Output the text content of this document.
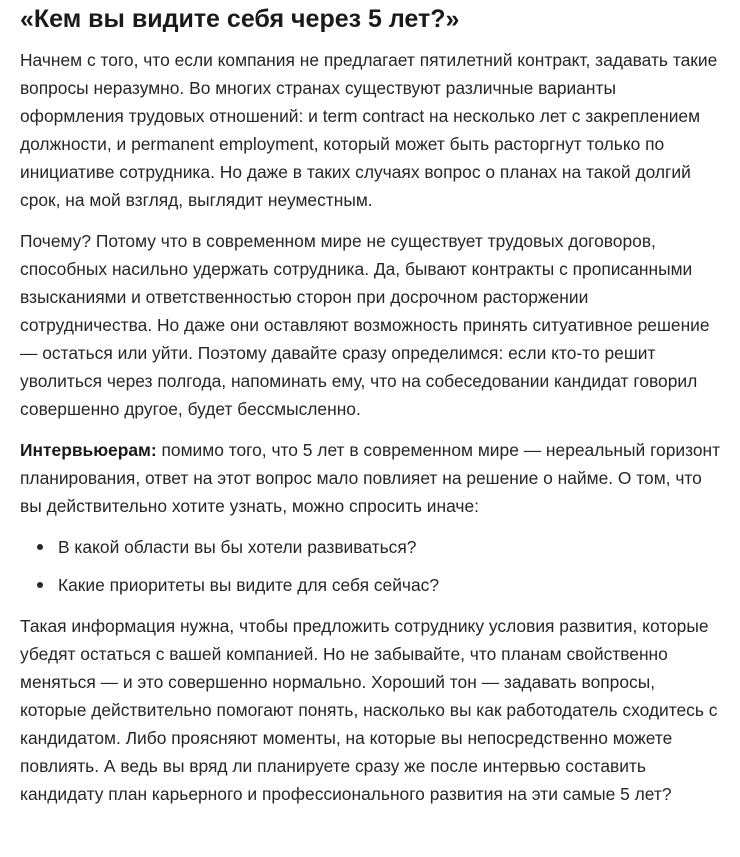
«Кем вы видите себя через 5 лет?»

Начнем с того, что если компания не предлагает пятилетний контракт, задавать такие вопросы неразумно. Во многих странах существуют различные варианты оформления трудовых отношений: и term contract на несколько лет с закреплением должности, и permanent employment, который может быть расторгнут только по инициативе сотрудника. Но даже в таких случаях вопрос о планах на такой долгий срок, на мой взгляд, выглядит неуместным.

Почему? Потому что в современном мире не существует трудовых договоров, способных насильно удержать сотрудника. Да, бывают контракты с прописанными взысканиями и ответственностью сторон при досрочном расторжении сотрудничества. Но даже они оставляют возможность принять ситуативное решение — остаться или уйти. Поэтому давайте сразу определимся: если кто-то решит уволиться через полгода, напоминать ему, что на собеседовании кандидат говорил совершенно другое, будет бессмысленно.

Интервьюерам: помимо того, что 5 лет в современном мире — нереальный горизонт планирования, ответ на этот вопрос мало повлияет на решение о найме. О том, что вы действительно хотите узнать, можно спросить иначе:

В какой области вы бы хотели развиваться?
Какие приоритеты вы видите для себя сейчас?

Такая информация нужна, чтобы предложить сотруднику условия развития, которые убедят остаться с вашей компанией. Но не забывайте, что планам свойственно меняться — и это совершенно нормально. Хороший тон — задавать вопросы, которые действительно помогают понять, насколько вы как работодатель сходитесь с кандидатом. Либо проясняют моменты, на которые вы непосредственно можете повлиять. А ведь вы вряд ли планируете сразу же после интервью составить кандидату план карьерного и профессионального развития на эти самые 5 лет?
